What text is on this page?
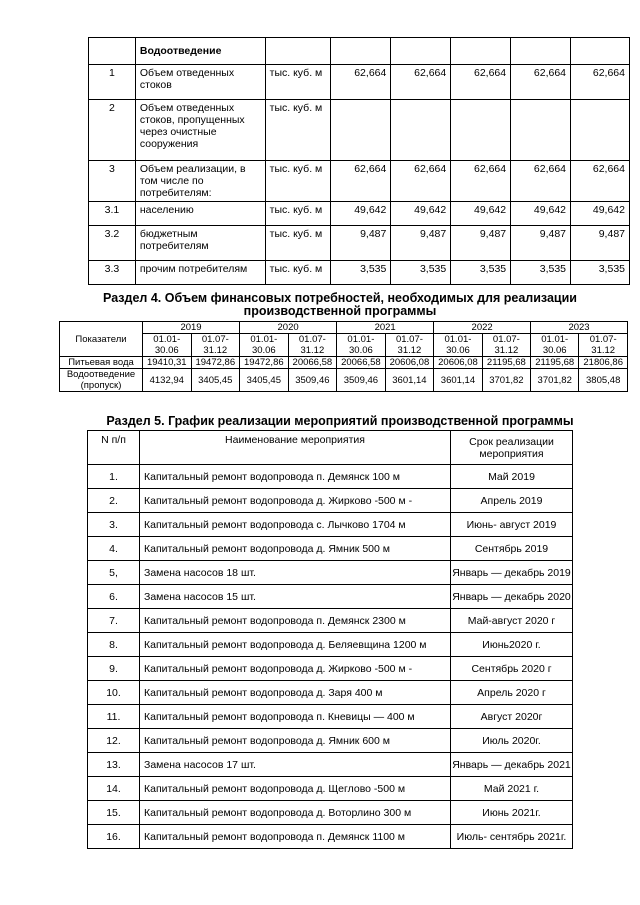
	Водоотведение						
1	Объем отведенных стоков	тыс. куб. м	62,664	62,664	62,664	62,664	62,664
2	Объем отведенных стоков, пропущенных через очистные сооружения	тыс. куб. м					
3	Объем реализации, в том числе по потребителям:	тыс. куб. м	62,664	62,664	62,664	62,664	62,664
3.1	населению	тыс. куб. м	49,642	49,642	49,642	49,642	49,642
3.2	бюджетным потребителям	тыс. куб. м	9,487	9,487	9,487	9,487	9,487
3.3	прочим потребителям	тыс. куб. м	3,535	3,535	3,535	3,535	3,535
Раздел 4. Объем финансовых потребностей, необходимых для реализации производственной программы
Показатели	2019		2020		2021		2022		2023	
	01.01-30.06	01.07-31.12	01.01-30.06	01.07-31.12	01.01-30.06	01.07-31.12	01.01-30.06	01.07-31.12	01.01-30.06	01.07-31.12
Питьевая вода	19410,31	19472,86	19472,86	20066,58	20066,58	20606,08	20606,08	21195,68	21195,68	21806,86
Водоотведение (пропуск)	4132,94	3405,45	3405,45	3509,46	3509,46	3601,14	3601,14	3701,82	3701,82	3805,48
Раздел 5. График реализации мероприятий производственной программы
N п/п	Наименование мероприятия	Срок реализации мероприятия
1.	Капитальный ремонт водопровода п. Демянск 100 м	Май 2019
2.	Капитальный ремонт водопровода д. Жирково -500 м -	Апрель 2019
3.	Капитальный ремонт водопровода с. Лычково 1704 м	Июнь- август 2019
4.	Капитальный ремонт водопровода д. Ямник 500 м	Сентябрь 2019
5,	Замена насосов 18 шт.	Январь — декабрь 2019
6.	Замена насосов 15 шт.	Январь — декабрь 2020
7.	Капитальный ремонт водопровода п. Демянск 2300 м	Май-август 2020 г
8.	Капитальный ремонт водопровода д. Беляевщина 1200 м	Июнь2020 г.
9.	Капитальный ремонт водопровода д. Жирково -500 м -	Сентябрь 2020 г
10.	Капитальный ремонт водопровода д. Заря 400 м	Апрель 2020 г
11.	Капитальный ремонт водопровода п. Кневицы — 400 м	Август 2020г
12.	Капитальный ремонт водопровода д. Ямник 600 м	Июль 2020г.
13.	Замена насосов 17 шт.	Январь — декабрь 2021
14.	Капитальный ремонт водопровода д. Щеглово -500 м	Май 2021 г.
15.	Капитальный ремонт водопровода д. Воторлино 300 м	Июнь 2021г.
16.	Капитальный ремонт водопровода п. Демянск 1100 м	Июль- сентябрь 2021г.
